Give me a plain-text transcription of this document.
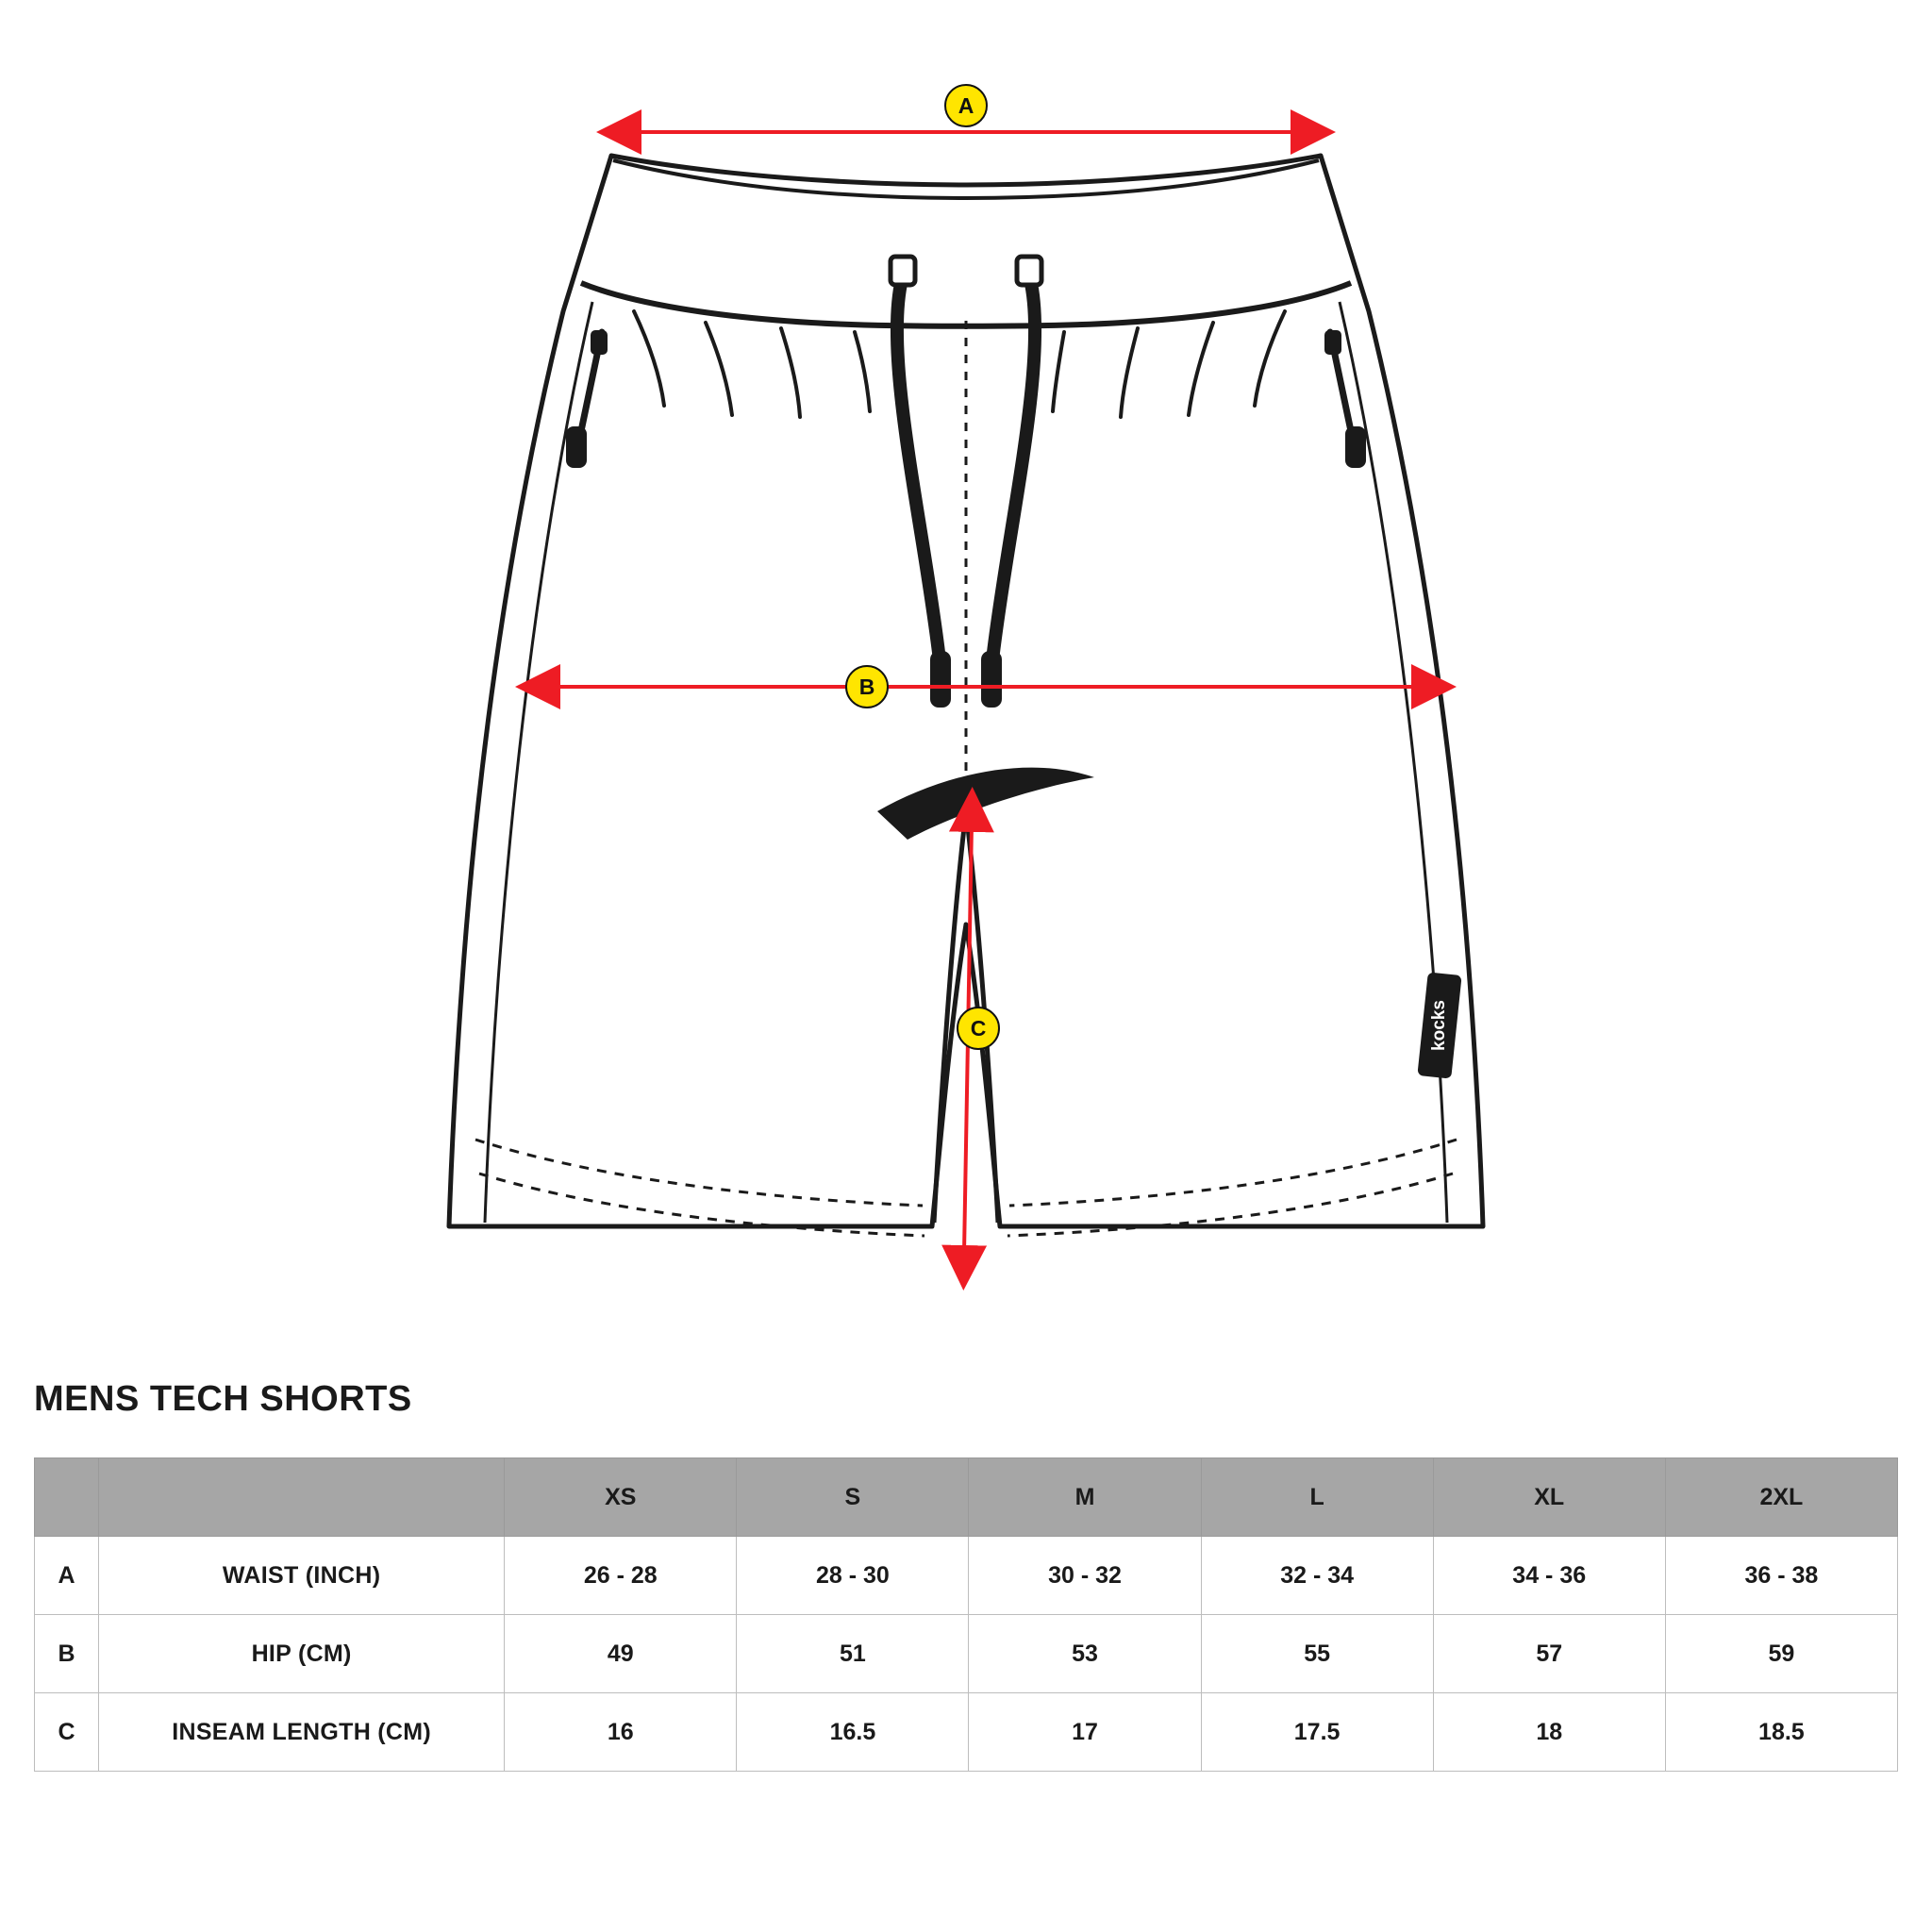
kocks
A
B
C
MENS TECH SHORTS
		XS	S	M	L	XL	2XL
A	WAIST (INCH)	26 - 28	28 - 30	30 - 32	32 - 34	34 - 36	36 - 38
B	HIP (CM)	49	51	53	55	57	59
C	INSEAM LENGTH (CM)	16	16.5	17	17.5	18	18.5
